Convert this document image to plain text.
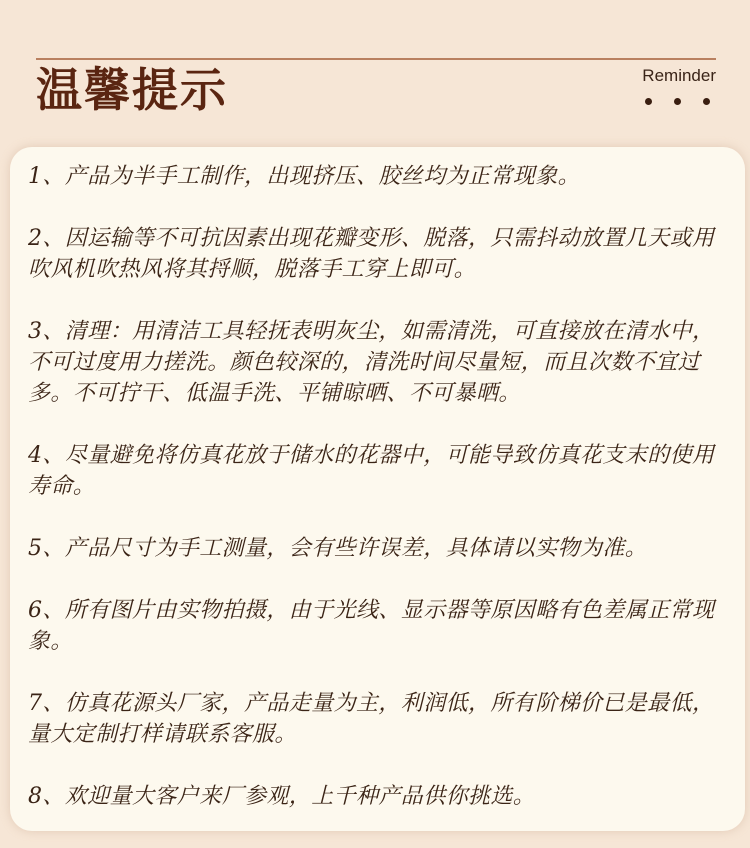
温馨提示	Reminder

1、产品为半手工制作，出现挤压、胶丝均为正常现象。

2、因运输等不可抗因素出现花瓣变形、脱落，只需抖动放置几天或用吹风机吹热风将其捋顺，脱落手工穿上即可。

3、清理：用清洁工具轻抚表明灰尘，如需清洗，可直接放在清水中，不可过度用力搓洗。颜色较深的，清洗时间尽量短，而且次数不宜过多。不可拧干、低温手洗、平铺晾晒、不可暴晒。

4、尽量避免将仿真花放于储水的花器中，可能导致仿真花支末的使用寿命。

5、产品尺寸为手工测量，会有些许误差，具体请以实物为准。

6、所有图片由实物拍摄，由于光线、显示器等原因略有色差属正常现象。

7、仿真花源头厂家，产品走量为主，利润低，所有阶梯价已是最低，量大定制打样请联系客服。

8、欢迎量大客户来厂参观，上千种产品供你挑选。
